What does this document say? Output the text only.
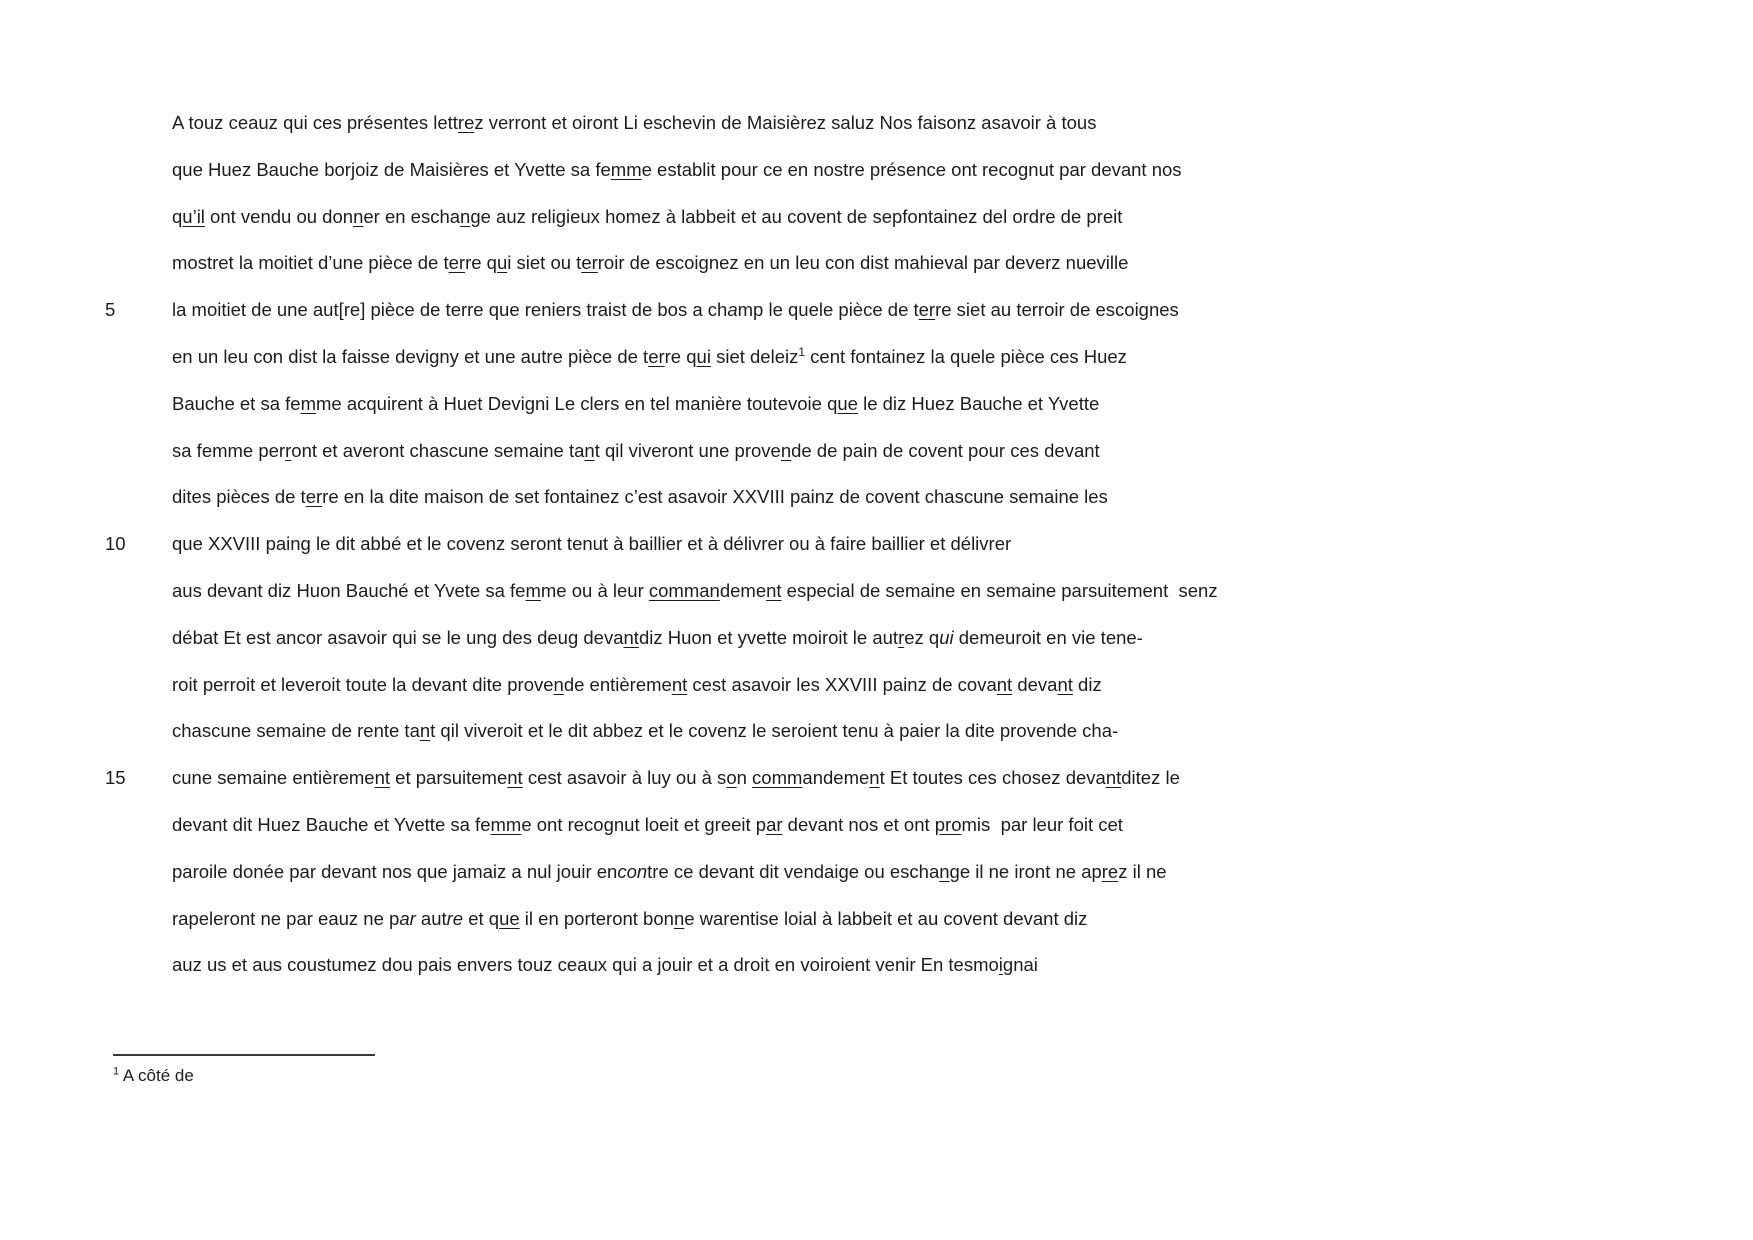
A touz ceauz qui ces présentes lettrez verront et oiront Li eschevin de Maisièrez saluz Nos faisonz asavoir à tous
que Huez Bauche borjoiz de Maisières et Yvette sa femme establit pour ce en nostre présence ont recognut par devant nos
qu’il ont vendu ou donner en eschange auz religieux homez à labbeit et au covent de sepfontainez del ordre de preit
mostret la moitiet d’une pièce de terre qui siet ou terroir de escoignez en un leu con dist mahieval par deverz nueville
5	la moitiet de une aut[re] pièce de terre que reniers traist de bos a champ le quele pièce de terre siet au terroir de escoignes
en un leu con dist la faisse devigny et une autre pièce de terre qui siet deleiz$^1$ cent fontainez la quele pièce ces Huez
Bauche et sa femme acquirent à Huet Devigni Le clers en tel manière toutevoie que le diz Huez Bauche et Yvette
sa femme perront et averont chascune semaine tant qil viveront une provende de pain de covent pour ces devant
dites pièces de terre en la dite maison de set fontainez c’est asavoir XXVIII painz de covent chascune semaine les
10	que XXVIII paing le dit abbé et le covenz seront tenut à baillier et à délivrer ou à faire baillier et délivrer
aus devant diz Huon Bauché et Yvete sa femme ou à leur commandement especial de semaine en semaine parsuitement  senz
débat Et est ancor asavoir qui se le ung des deug devantdiz Huon et yvette moiroit le autrez qui demeuroit en vie tene-
roit perroit et leveroit toute la devant dite provende entièrement cest asavoir les XXVIII painz de covant devant diz
chascune semaine de rente tant qil viveroit et le dit abbez et le covenz le seroient tenu à paier la dite provende cha-
15	cune semaine entièrement et parsuitement cest asavoir à luy ou à son commandement Et toutes ces chosez devantditez le
devant dit Huez Bauche et Yvette sa femme ont recognut loeit et greeit par devant nos et ont promis  par leur foit cet
paroile donée par devant nos que jamaiz a nul jouir encontre ce devant dit vendaige ou eschange il ne iront ne aprez il ne
rapeleront ne par eauz ne par autre et que il en porteront bonne warentise loial à labbeit et au covent devant diz
auz us et aus coustumez dou pais envers touz ceaux qui a jouir et a droit en voiroient venir En tesmoignai
$^1$ A côté de
